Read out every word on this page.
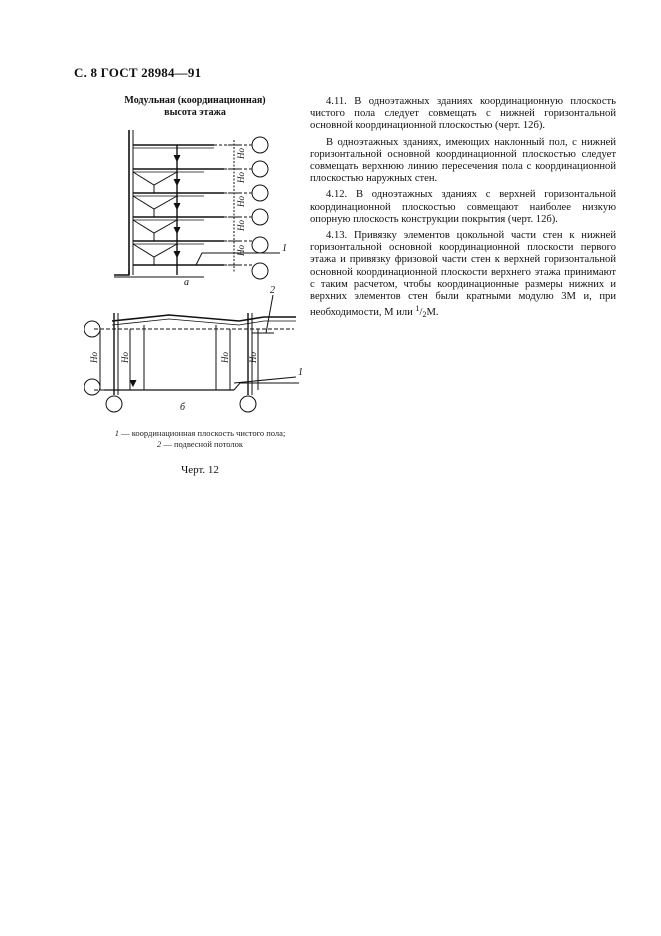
С. 8 ГОСТ 28984—91
Модульная (координационная)
высота этажа
Hо
Hо
Hо
Hо
Hо
а
1
Hо Hо	Hо Hо
б
2
1
1 — координационная плоскость чистого пола;
2 — подвесной потолок
Черт. 12

4.11. В одноэтажных зданиях координационную плоскость чистого пола следует совмещать с нижней горизонтальной основной координационной плоскостью (черт. 12б).

В одноэтажных зданиях, имеющих наклонный пол, с нижней горизонтальной основной координационной плоскостью следует совмещать верхнюю линию пересечения пола с координационной плоскостью наружных стен.

4.12. В одноэтажных зданиях с верхней горизонтальной координационной плоскостью совмещают наиболее низкую опорную плоскость конструкции покрытия (черт. 12б).

4.13. Привязку элементов цокольной части стен к нижней горизонтальной основной координационной плоскости первого этажа и привязку фризовой части стен к верхней горизонтальной основной координационной плоскости верхнего этажа принимают с таким расчетом, чтобы координационные размеры нижних и верхних элементов стен были кратными модулю 3М и, при необходимости, М или $^1$/2М.
